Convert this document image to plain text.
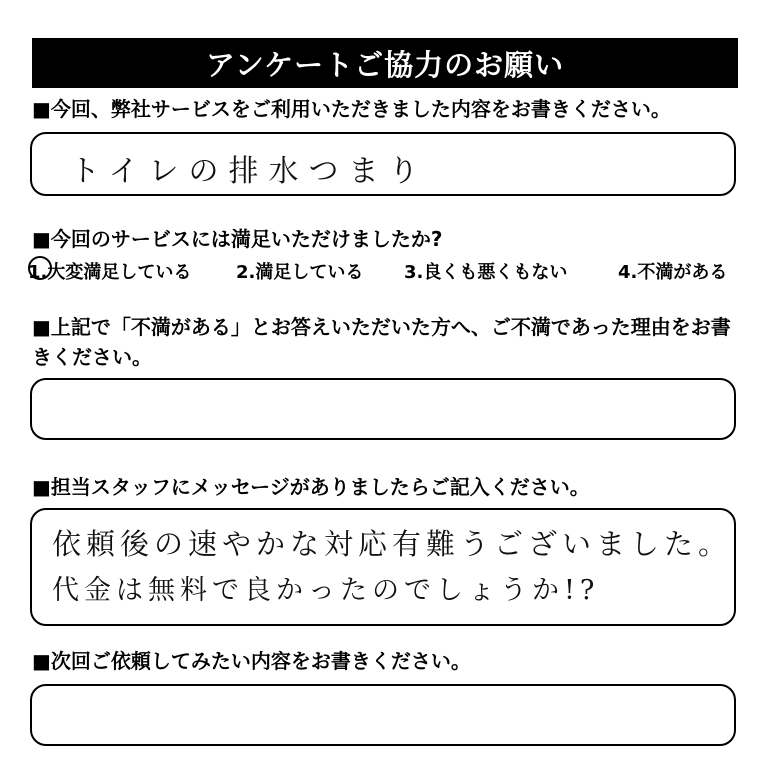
アンケートご協力のお願い
■今回、弊社サービスをご利用いただきました内容をお書きください。
トイレの排水つまり
■今回のサービスには満足いただけましたか?
1.大変満足している 2.満足している 3.良くも悪くもない	4.不満がある
■上記で「不満がある」とお答えいただいた方へ、ご不満であった理由をお書きください。
■担当スタッフにメッセージがありましたらご記入ください。
依頼後の速やかな対応有難うございました。
代金は無料で良かったのでしょうか!?
■次回ご依頼してみたい内容をお書きください。
